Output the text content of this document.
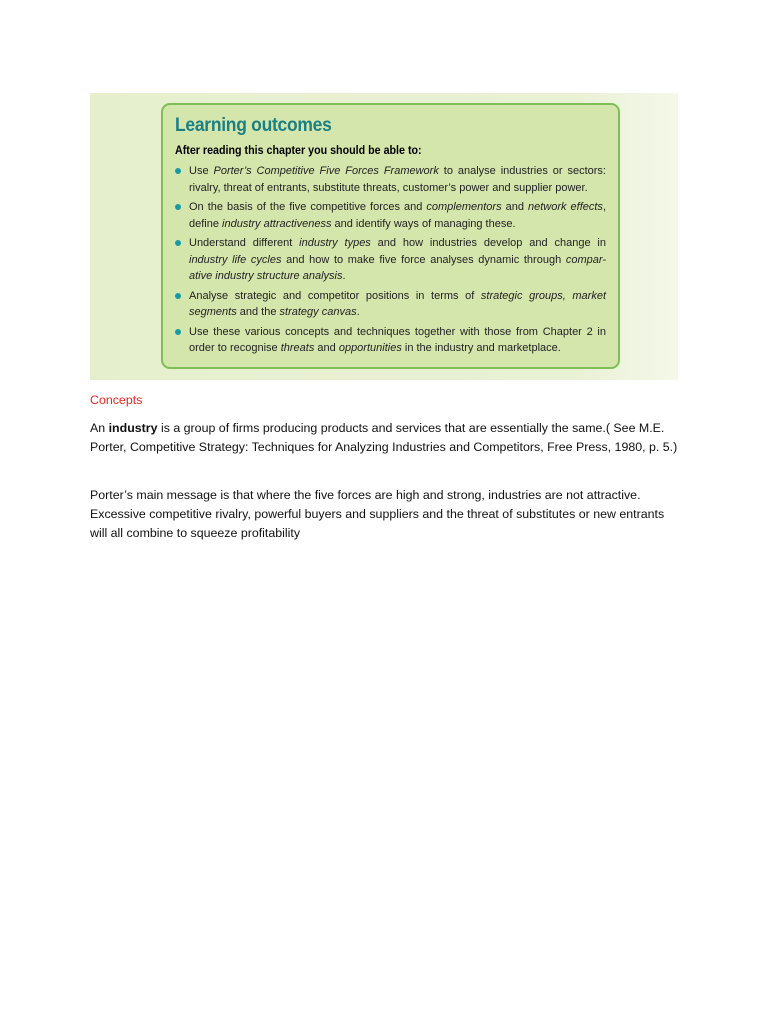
Learning outcomes
After reading this chapter you should be able to:
Use Porter’s Competitive Five Forces Framework to analyse industries or sectors: rivalry, threat of entrants, substitute threats, customer’s power and supplier power.
On the basis of the five competitive forces and complementors and network effects, define industry attractiveness and identify ways of managing these.
Understand different industry types and how industries develop and change in industry life cycles and how to make five force analyses dynamic through compar-ative industry structure analysis.
Analyse strategic and competitor positions in terms of strategic groups, market segments and the strategy canvas.
Use these various concepts and techniques together with those from Chapter 2 in order to recognise threats and opportunities in the industry and marketplace.
Concepts

An industry is a group of firms producing products and services that are essentially the same.( See M.E. Porter, Competitive Strategy: Techniques for Analyzing Industries and Competitors, Free Press, 1980, p. 5.)

Porter’s main message is that where the five forces are high and strong, industries are not attractive. Excessive competitive rivalry, powerful buyers and suppliers and the threat of substitutes or new entrants will all combine to squeeze profitability
